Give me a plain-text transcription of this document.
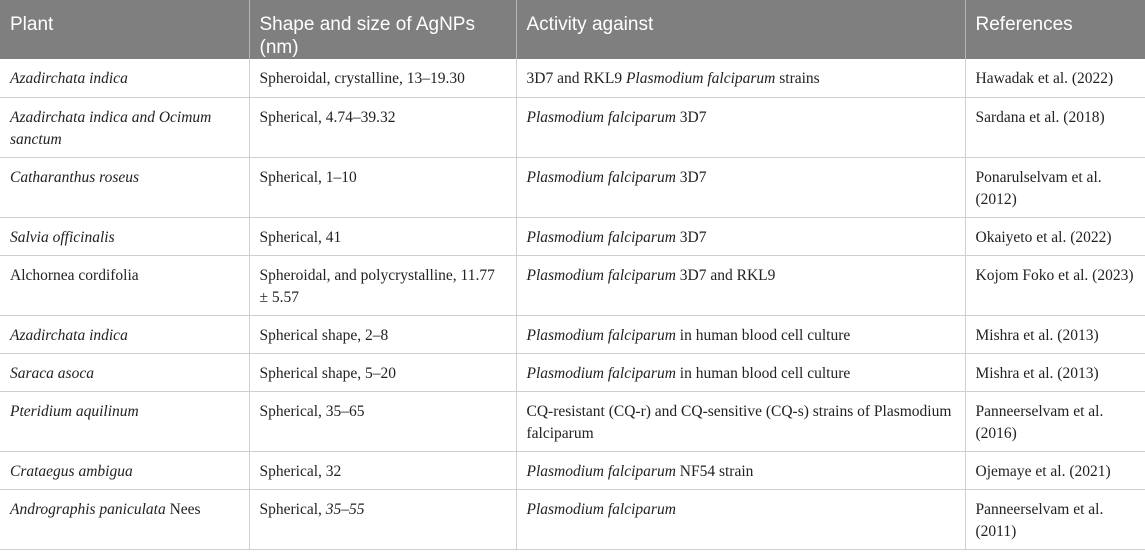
Plant	Shape and size of AgNPs (nm)	Activity against	References
Azadirchata indica	Spheroidal, crystalline, 13–19.30	3D7 and RKL9 Plasmodium falciparum strains	Hawadak et al. (2022)
Azadirchata indica and Ocimum sanctum	Spherical, 4.74–39.32	Plasmodium falciparum 3D7	Sardana et al. (2018)
Catharanthus roseus	Spherical, 1–10	Plasmodium falciparum 3D7	Ponarulselvam et al. (2012)
Salvia officinalis	Spherical, 41	Plasmodium falciparum 3D7	Okaiyeto et al. (2022)
Alchornea cordifolia	Spheroidal, and polycrystalline, 11.77 ± 5.57	Plasmodium falciparum 3D7 and RKL9	Kojom Foko et al. (2023)
Azadirchata indica	Spherical shape, 2–8	Plasmodium falciparum in human blood cell culture	Mishra et al. (2013)
Saraca asoca	Spherical shape, 5–20	Plasmodium falciparum in human blood cell culture	Mishra et al. (2013)
Pteridium aquilinum	Spherical, 35–65	CQ-resistant (CQ-r) and CQ-sensitive (CQ-s) strains of Plasmodium falciparum	Panneerselvam et al. (2016)
Crataegus ambigua	Spherical, 32	Plasmodium falciparum NF54 strain	Ojemaye et al. (2021)
Andrographis paniculata Nees	Spherical, 35–55	Plasmodium falciparum	Panneerselvam et al. (2011)
